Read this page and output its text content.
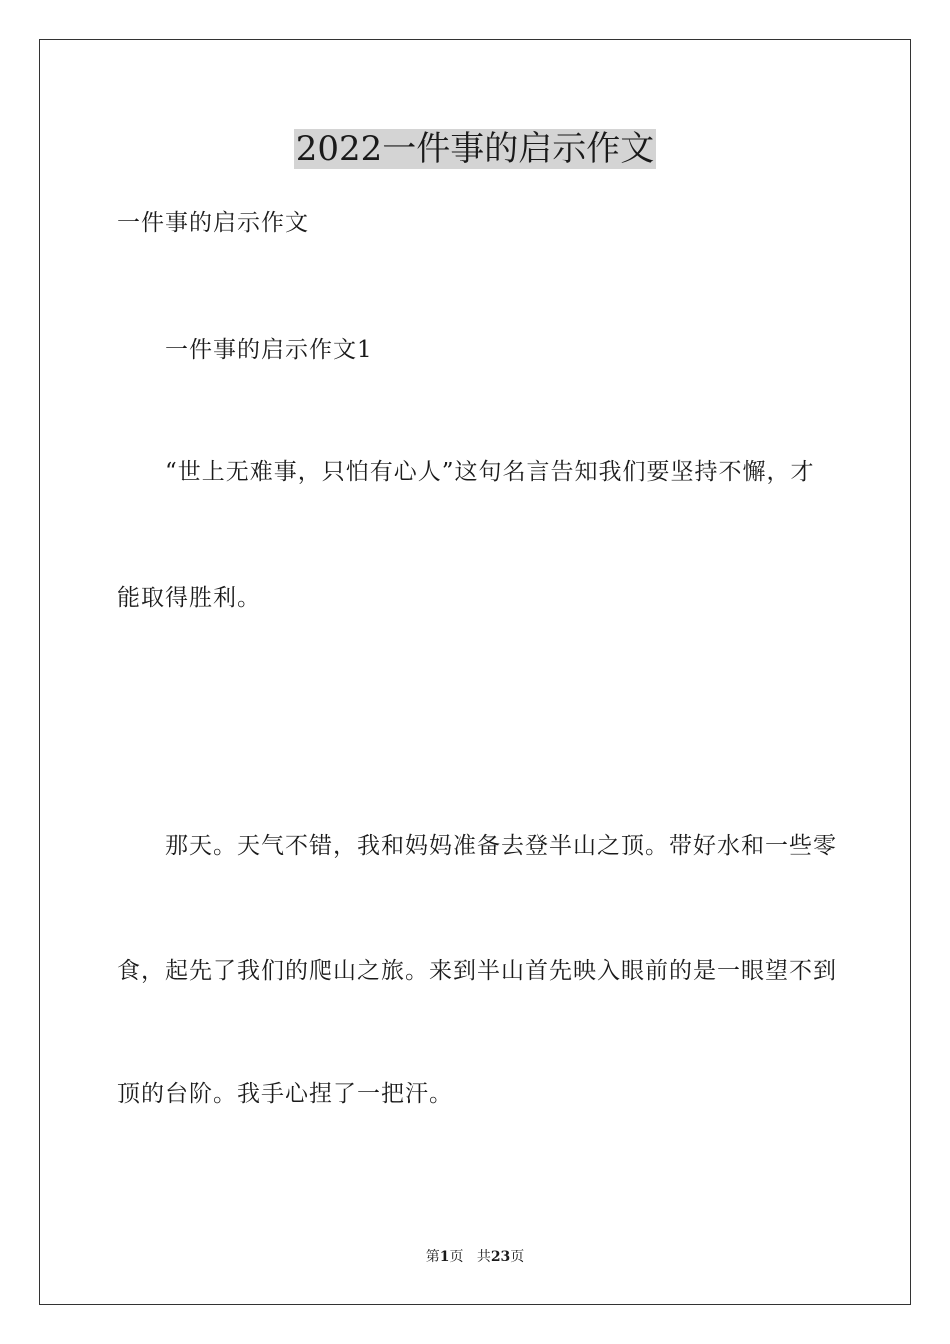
2022一件事的启示作文
一件事的启示作文
一件事的启示作文1
“世上无难事，只怕有心人”这句名言告知我们要坚持不懈，才
能取得胜利。
那天。天气不错，我和妈妈准备去登半山之顶。带好水和一些零
食，起先了我们的爬山之旅。来到半山首先映入眼前的是一眼望不到
顶的台阶。我手心捏了一把汗。
第1页 共23页
